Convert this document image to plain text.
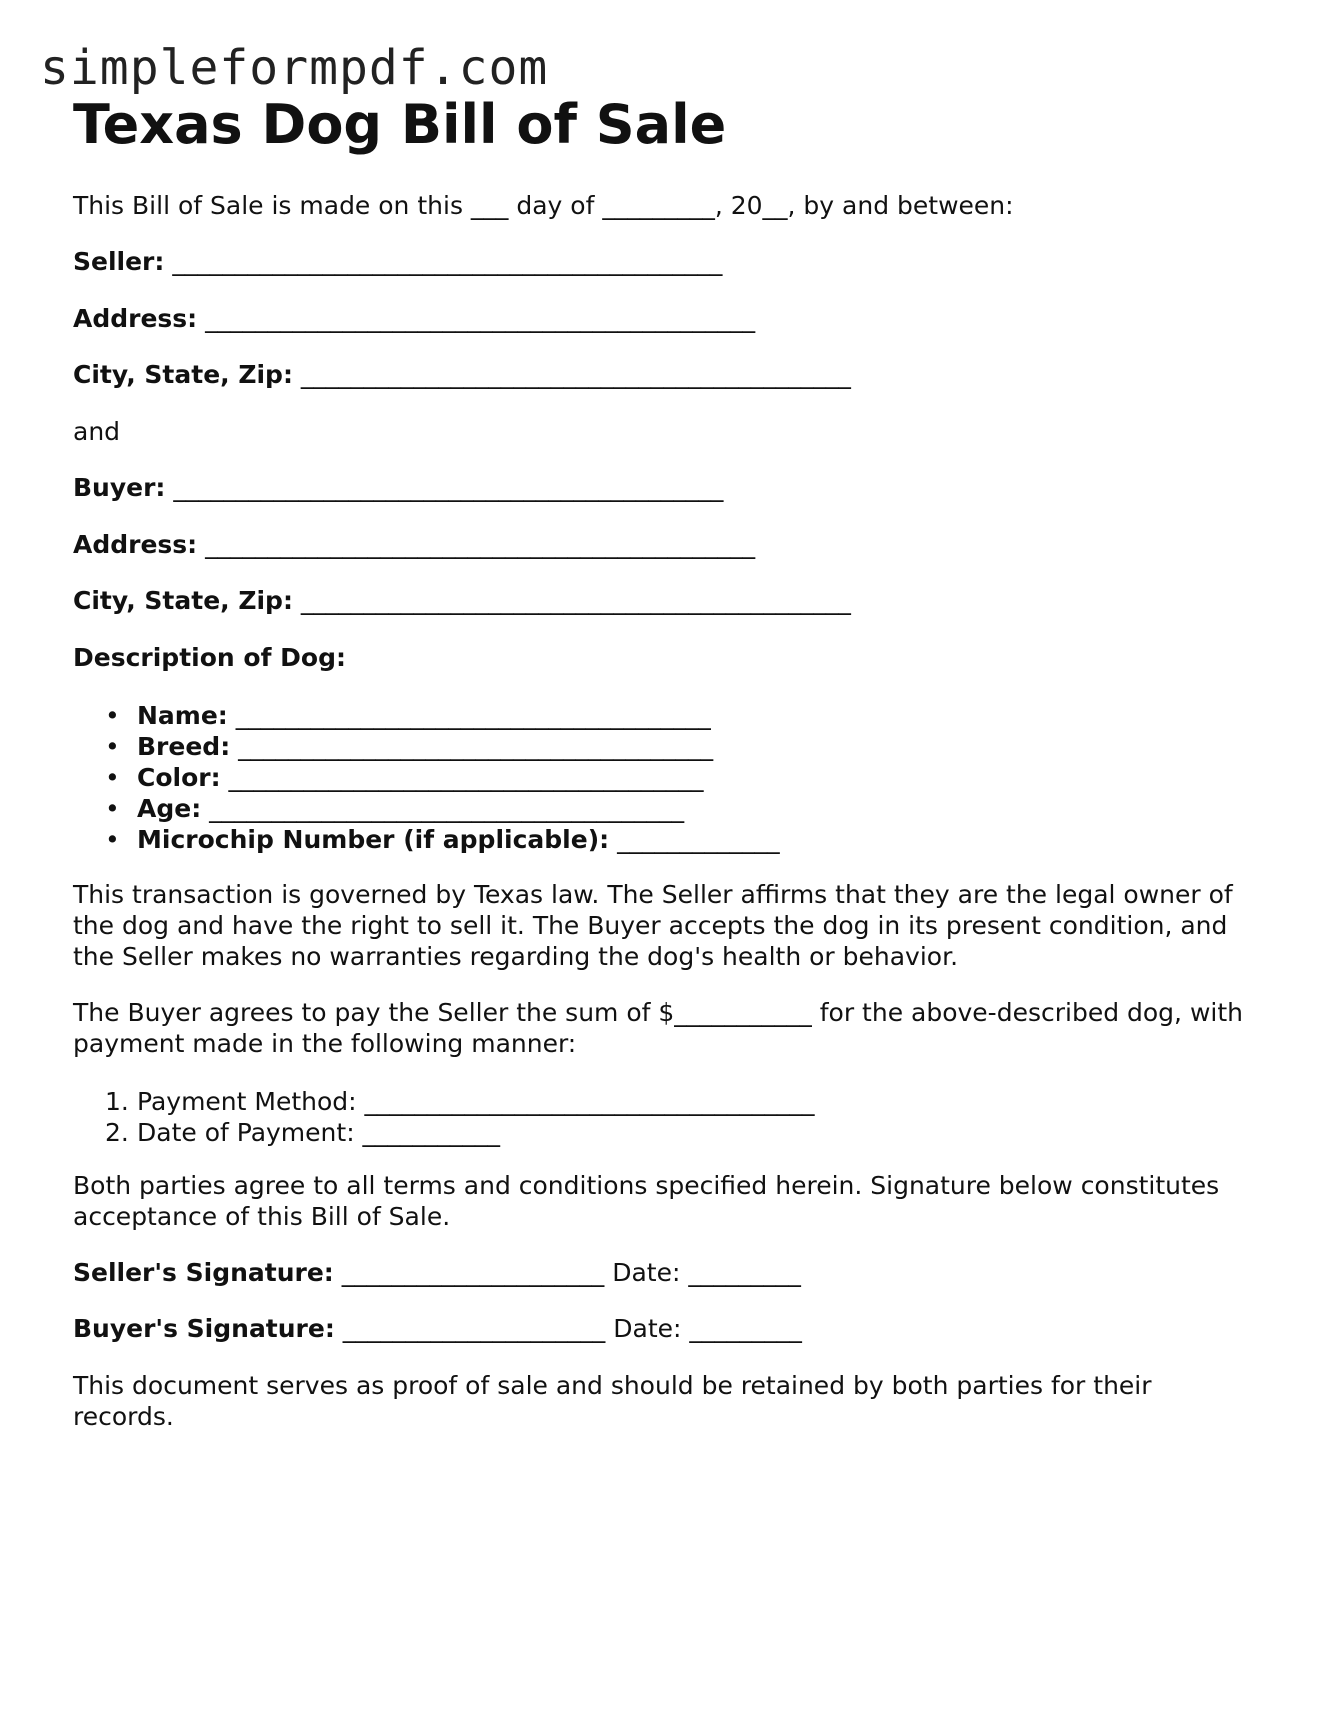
simpleformpdf.com
Texas Dog Bill of Sale
This Bill of Sale is made on this ___ day of _________, 20__, by and between:
Seller: ____________________________________________
Address: ____________________________________________
City, State, Zip: ____________________________________________
and
Buyer: ____________________________________________
Address: ____________________________________________
City, State, Zip: ____________________________________________
Description of Dog:
• Name: ______________________________________
• Breed: ______________________________________
• Color: ______________________________________
• Age: ______________________________________
• Microchip Number (if applicable): _____________

This transaction is governed by Texas law. The Seller affirms that they are the legal owner of the dog and have the right to sell it. The Buyer accepts the dog in its present condition, and the Seller makes no warranties regarding the dog's health or behavior.

The Buyer agrees to pay the Seller the sum of $___________ for the above-described dog, with payment made in the following manner:

1. Payment Method: ____________________________________
2. Date of Payment: ___________

Both parties agree to all terms and conditions specified herein. Signature below constitutes acceptance of this Bill of Sale.

Seller's Signature: _____________________ Date: _________
Buyer's Signature: _____________________ Date: _________

This document serves as proof of sale and should be retained by both parties for their records.
